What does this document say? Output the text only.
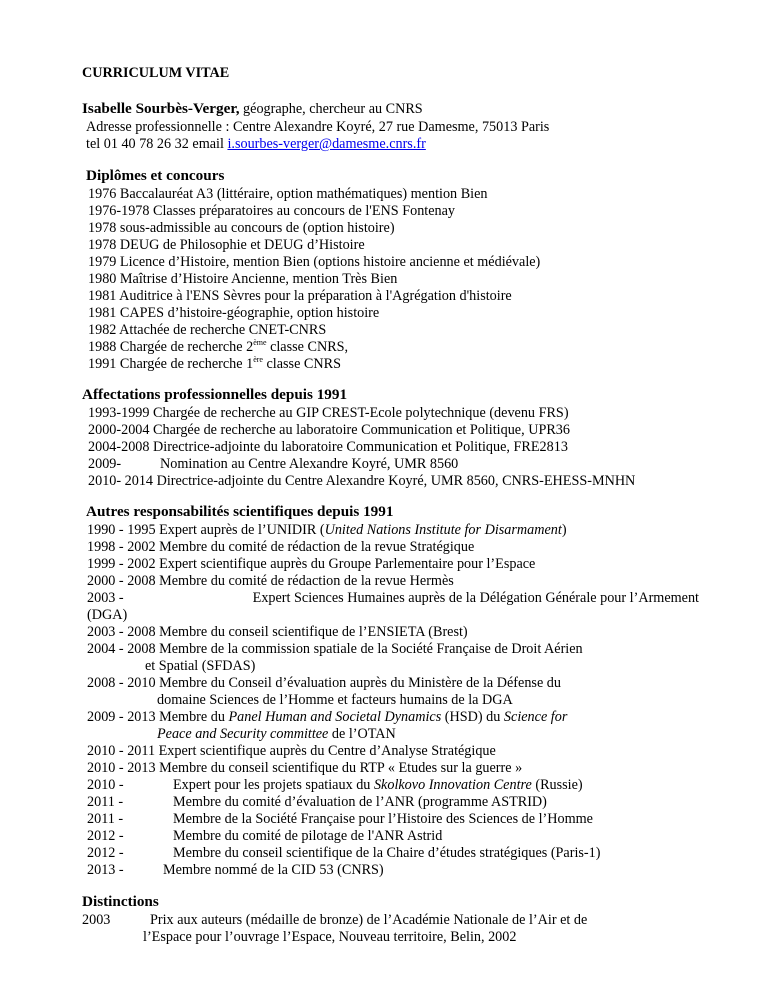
CURRICULUM VITAE
Isabelle Sourbès-Verger, géographe, chercheur au CNRS
Adresse professionnelle : Centre Alexandre Koyré, 27 rue Damesme, 75013 Paris
tel 01 40 78 26 32 email i.sourbes-verger@damesme.cnrs.fr
Diplômes et concours
1976 Baccalauréat A3 (littéraire, option mathématiques) mention Bien
1976-1978 Classes préparatoires au concours de l'ENS Fontenay
1978 sous-admissible au concours de (option histoire)
1978 DEUG de Philosophie et DEUG d’Histoire
1979 Licence d’Histoire, mention Bien (options histoire ancienne et médiévale)
1980 Maîtrise d’Histoire Ancienne, mention Très Bien
1981 Auditrice à l'ENS Sèvres pour la préparation à l'Agrégation d'histoire
1981 CAPES d’histoire-géographie, option histoire
1982 Attachée de recherche CNET-CNRS
1988 Chargée de recherche 2ème classe CNRS,
1991 Chargée de recherche 1ère classe CNRS
Affectations professionnelles depuis 1991
1993-1999 Chargée de recherche au GIP CREST-Ecole polytechnique (devenu FRS)
2000-2004 Chargée de recherche au laboratoire Communication et Politique, UPR36
2004-2008 Directrice-adjointe du laboratoire Communication et Politique, FRE2813
2009-	Nomination au Centre Alexandre Koyré, UMR 8560
2010- 2014 Directrice-adjointe du Centre Alexandre Koyré, UMR 8560, CNRS-EHESS-MNHN
Autres responsabilités scientifiques depuis 1991
1990 - 1995 Expert auprès de l’UNIDIR (United Nations Institute for Disarmament)
1998 - 2002 Membre du comité de rédaction de la revue Stratégique
1999 - 2002 Expert scientifique auprès du Groupe Parlementaire pour l’Espace
2000 - 2008 Membre du comité de rédaction de la revue Hermès
2003 -	Expert Sciences Humaines auprès de la Délégation Générale pour l’Armement
(DGA)
2003 - 2008 Membre du conseil scientifique de l’ENSIETA (Brest)
2004 - 2008 Membre de la commission spatiale de la Société Française de Droit Aérien
et Spatial (SFDAS)
2008 - 2010 Membre du Conseil d’évaluation auprès du Ministère de la Défense du
domaine Sciences de l’Homme et facteurs humains de la DGA
2009 - 2013 Membre du Panel Human and Societal Dynamics (HSD) du Science for
Peace and Security committee de l’OTAN
2010 - 2011 Expert scientifique auprès du Centre d’Analyse Stratégique
2010 - 2013 Membre du conseil scientifique du RTP « Etudes sur la guerre »
2010 -	Expert pour les projets spatiaux du Skolkovo Innovation Centre (Russie)
2011 -	Membre du comité d’évaluation de l’ANR (programme ASTRID)
2011 -	Membre de la Société Française pour l’Histoire des Sciences de l’Homme
2012 -	Membre du comité de pilotage de l'ANR Astrid
2012 -	Membre du conseil scientifique de la Chaire d’études stratégiques (Paris-1)
2013 -	Membre nommé de la CID 53 (CNRS)
Distinctions
2003	Prix aux auteurs (médaille de bronze) de l’Académie Nationale de l’Air et de
l’Espace pour l’ouvrage l’Espace, Nouveau territoire, Belin, 2002
